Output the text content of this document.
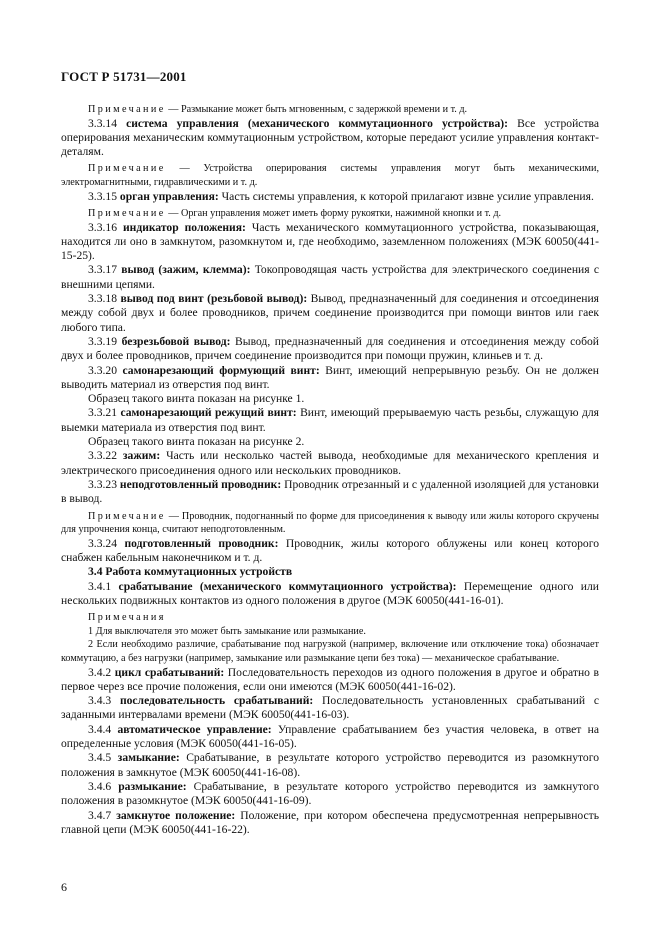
ГОСТ Р 51731—2001

Примечание — Размыкание может быть мгновенным, с задержкой времени и т. д.

3.3.14 система управления (механического коммутационного устройства): Все устройства оперирования механическим коммутационным устройством, которые передают усилие управления контакт-деталям.

Примечание — Устройства оперирования системы управления могут быть механическими, электромагнитными, гидравлическими и т. д.

3.3.15 орган управления: Часть системы управления, к которой прилагают извне усилие управления.

Примечание — Орган управления может иметь форму рукоятки, нажимной кнопки и т. д.

3.3.16 индикатор положения: Часть механического коммутационного устройства, показывающая, находится ли оно в замкнутом, разомкнутом и, где необходимо, заземленном положениях (МЭК 60050(441-15-25).

3.3.17 вывод (зажим, клемма): Токопроводящая часть устройства для электрического соединения с внешними цепями.

3.3.18 вывод под винт (резьбовой вывод): Вывод, предназначенный для соединения и отсоединения между собой двух и более проводников, причем соединение производится при помощи винтов или гаек любого типа.

3.3.19 безрезьбовой вывод: Вывод, предназначенный для соединения и отсоединения между собой двух и более проводников, причем соединение производится при помощи пружин, клиньев и т. д.

3.3.20 самонарезающий формующий винт: Винт, имеющий непрерывную резьбу. Он не должен выводить материал из отверстия под винт.

Образец такого винта показан на рисунке 1.

3.3.21 самонарезающий режущий винт: Винт, имеющий прерываемую часть резьбы, служащую для выемки материала из отверстия под винт.

Образец такого винта показан на рисунке 2.

3.3.22 зажим: Часть или несколько частей вывода, необходимые для механического крепления и электрического присоединения одного или нескольких проводников.

3.3.23 неподготовленный проводник: Проводник отрезанный и с удаленной изоляцией для установки в вывод.

Примечание — Проводник, подогнанный по форме для присоединения к выводу или жилы которого скручены для упрочнения конца, считают неподготовленным.

3.3.24 подготовленный проводник: Проводник, жилы которого облужены или конец которого снабжен кабельным наконечником и т. д.

3.4 Работа коммутационных устройств

3.4.1 срабатывание (механического коммутационного устройства): Перемещение одного или нескольких подвижных контактов из одного положения в другое (МЭК 60050(441-16-01).

Примечания

1 Для выключателя это может быть замыкание или размыкание.

2 Если необходимо различие, срабатывание под нагрузкой (например, включение или отключение тока) обозначает коммутацию, а без нагрузки (например, замыкание или размыкание цепи без тока) — механическое срабатывание.

3.4.2 цикл срабатываний: Последовательность переходов из одного положения в другое и обратно в первое через все прочие положения, если они имеются (МЭК 60050(441-16-02).

3.4.3 последовательность срабатываний: Последовательность установленных срабатываний с заданными интервалами времени (МЭК 60050(441-16-03).

3.4.4 автоматическое управление: Управление срабатыванием без участия человека, в ответ на определенные условия (МЭК 60050(441-16-05).

3.4.5 замыкание: Срабатывание, в результате которого устройство переводится из разомкнутого положения в замкнутое (МЭК 60050(441-16-08).

3.4.6 размыкание: Срабатывание, в результате которого устройство переводится из замкнутого положения в разомкнутое (МЭК 60050(441-16-09).

3.4.7 замкнутое положение: Положение, при котором обеспечена предусмотренная непрерывность главной цепи (МЭК 60050(441-16-22).

6
